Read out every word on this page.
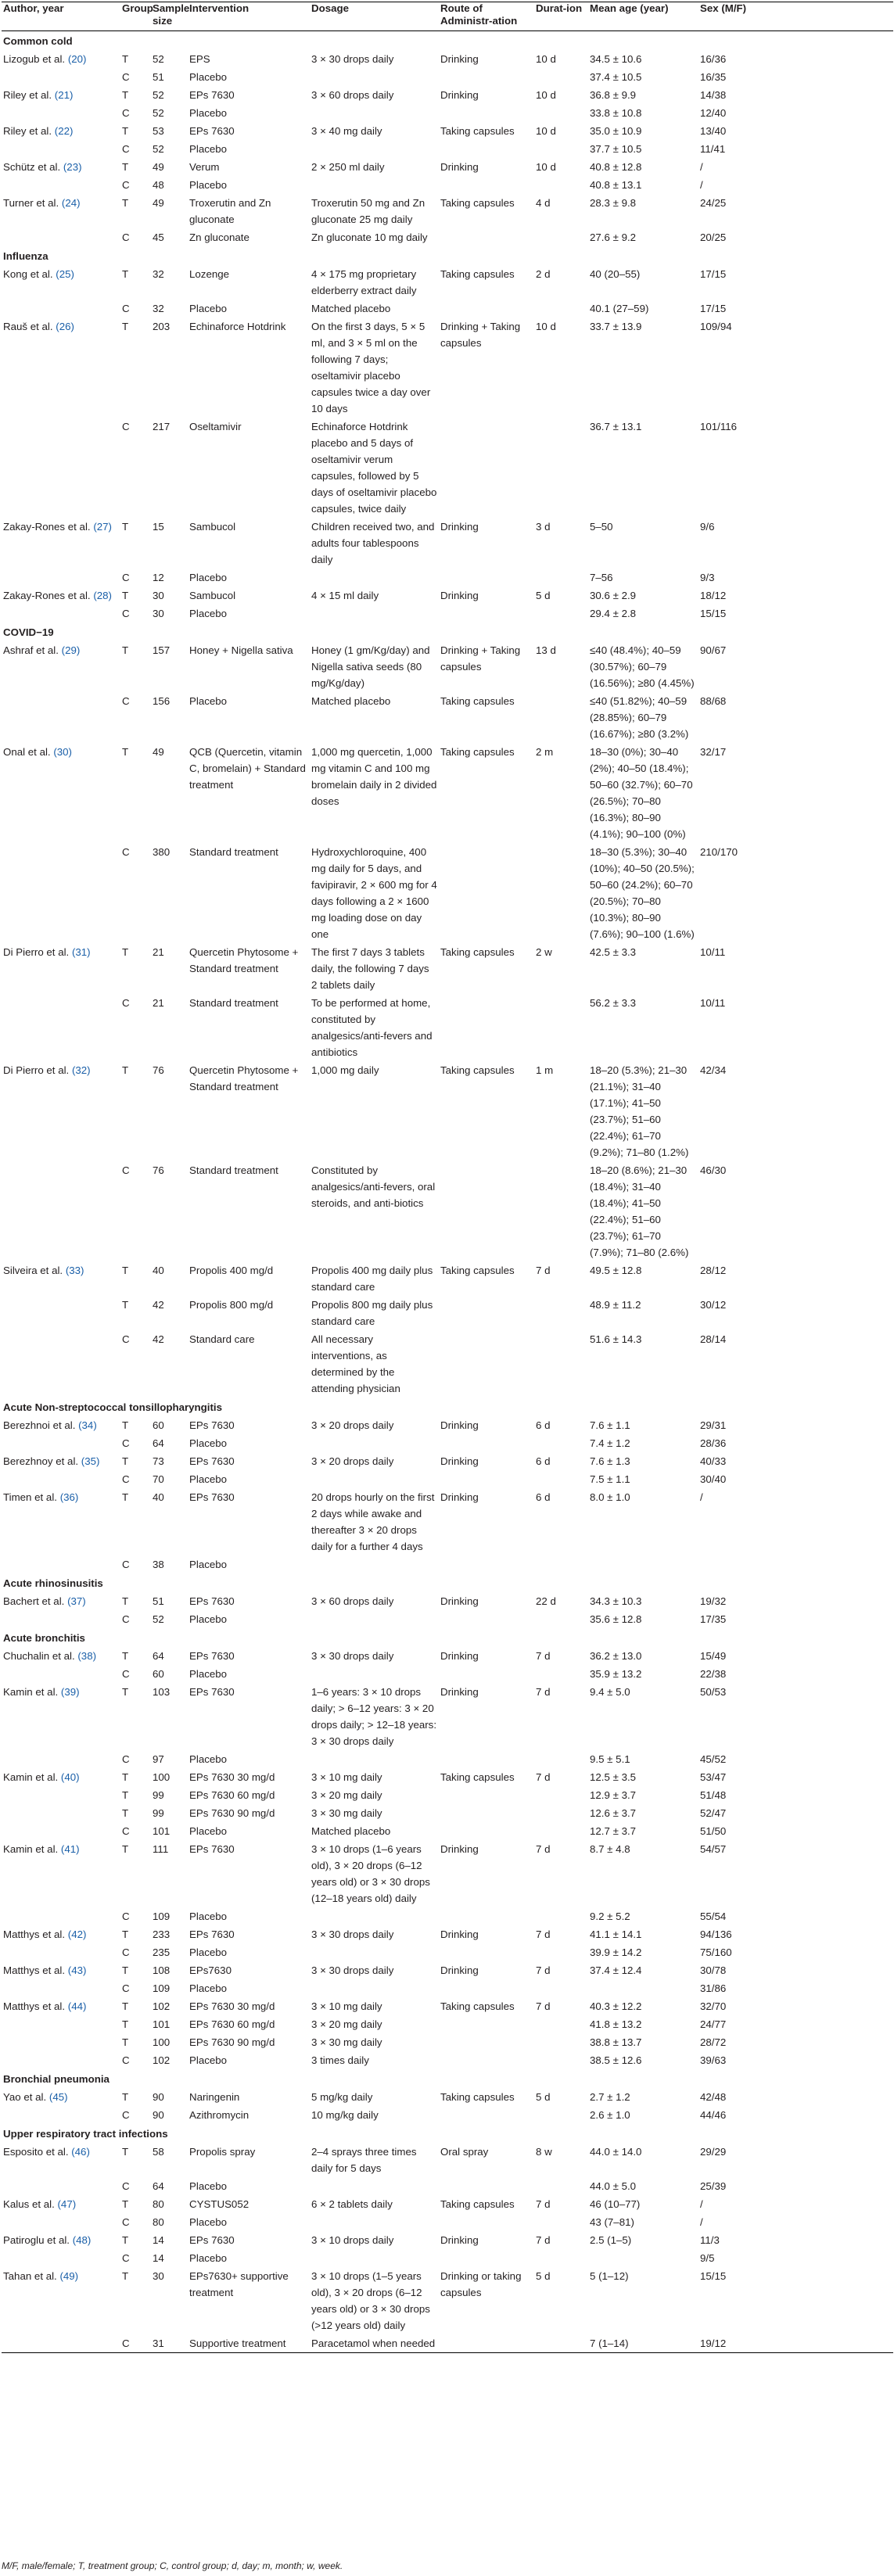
Author, year	Group	Sample size	Intervention	Dosage	Route of Administr-ation	Durat-ion	Mean age (year)	Sex (M/F)
Common cold								
Lizogub et al. (20)	T	52	EPS	3 × 30 drops daily	Drinking	10 d	34.5 ± 10.6	16/36
	C	51	Placebo				37.4 ± 10.5	16/35
Riley et al. (21)	T	52	EPs 7630	3 × 60 drops daily	Drinking	10 d	36.8 ± 9.9	14/38
	C	52	Placebo				33.8 ± 10.8	12/40
Riley et al. (22)	T	53	EPs 7630	3 × 40 mg daily	Taking capsules	10 d	35.0 ± 10.9	13/40
	C	52	Placebo				37.7 ± 10.5	11/41
Schütz et al. (23)	T	49	Verum	2 × 250 ml daily	Drinking	10 d	40.8 ± 12.8	/
	C	48	Placebo				40.8 ± 13.1	/
Turner et al. (24)	T	49	Troxerutin and Zn gluconate	Troxerutin 50 mg and Zn gluconate 25 mg daily	Taking capsules	4 d	28.3 ± 9.8	24/25
	C	45	Zn gluconate	Zn gluconate 10 mg daily			27.6 ± 9.2	20/25
Influenza								
Kong et al. (25)	T	32	Lozenge	4 × 175 mg proprietary elderberry extract daily	Taking capsules	2 d	40 (20–55)	17/15
	C	32	Placebo	Matched placebo			40.1 (27–59)	17/15
Rauš et al. (26)	T	203	Echinaforce Hotdrink	On the first 3 days, 5 × 5 ml, and 3 × 5 ml on the following 7 days; oseltamivir placebo capsules twice a day over 10 days	Drinking + Taking capsules	10 d	33.7 ± 13.9	109/94
	C	217	Oseltamivir	Echinaforce Hotdrink placebo and 5 days of oseltamivir verum capsules, followed by 5 days of oseltamivir placebo capsules, twice daily			36.7 ± 13.1	101/116
Zakay-Rones et al. (27)	T	15	Sambucol	Children received two, and adults four tablespoons daily	Drinking	3 d	5–50	9/6
	C	12	Placebo				7–56	9/3
Zakay-Rones et al. (28)	T	30	Sambucol	4 × 15 ml daily	Drinking	5 d	30.6 ± 2.9	18/12
	C	30	Placebo				29.4 ± 2.8	15/15
COVID−19								
Ashraf et al. (29)	T	157	Honey + Nigella sativa	Honey (1 gm/Kg/day) and Nigella sativa seeds (80 mg/Kg/day)	Drinking + Taking capsules	13 d	≤40 (48.4%); 40–59 (30.57%); 60–79 (16.56%); ≥80 (4.45%)	90/67
	C	156	Placebo	Matched placebo	Taking capsules		≤40 (51.82%); 40–59 (28.85%); 60–79 (16.67%); ≥80 (3.2%)	88/68
Onal et al. (30)	T	49	QCB (Quercetin, vitamin C, bromelain) + Standard treatment	1,000 mg quercetin, 1,000 mg vitamin C and 100 mg bromelain daily in 2 divided doses	Taking capsules	2 m	18–30 (0%); 30–40 (2%); 40–50 (18.4%); 50–60 (32.7%); 60–70 (26.5%); 70–80 (16.3%); 80–90 (4.1%); 90–100 (0%)	32/17
	C	380	Standard treatment	Hydroxychloroquine, 400 mg daily for 5 days, and favipiravir, 2 × 600 mg for 4 days following a 2 × 1600 mg loading dose on day one			18–30 (5.3%); 30–40 (10%); 40–50 (20.5%); 50–60 (24.2%); 60–70 (20.5%); 70–80 (10.3%); 80–90 (7.6%); 90–100 (1.6%)	210/170
Di Pierro et al. (31)	T	21	Quercetin Phytosome + Standard treatment	The first 7 days 3 tablets daily, the following 7 days 2 tablets daily	Taking capsules	2 w	42.5 ± 3.3	10/11
	C	21	Standard treatment	To be performed at home, constituted by analgesics/anti-fevers and antibiotics			56.2 ± 3.3	10/11
Di Pierro et al. (32)	T	76	Quercetin Phytosome + Standard treatment	1,000 mg daily	Taking capsules	1 m	18–20 (5.3%); 21–30 (21.1%); 31–40 (17.1%); 41–50 (23.7%); 51–60 (22.4%); 61–70 (9.2%); 71–80 (1.2%)	42/34
	C	76	Standard treatment	Constituted by analgesics/anti-fevers, oral steroids, and anti-biotics			18–20 (8.6%); 21–30 (18.4%); 31–40 (18.4%); 41–50 (22.4%); 51–60 (23.7%); 61–70 (7.9%); 71–80 (2.6%)	46/30
Silveira et al. (33)	T	40	Propolis 400 mg/d	Propolis 400 mg daily plus standard care	Taking capsules	7 d	49.5 ± 12.8	28/12
	T	42	Propolis 800 mg/d	Propolis 800 mg daily plus standard care			48.9 ± 11.2	30/12
	C	42	Standard care	All necessary interventions, as determined by the attending physician			51.6 ± 14.3	28/14
Acute Non-streptococcal tonsillopharyngitis								
Berezhnoi et al. (34)	T	60	EPs 7630	3 × 20 drops daily	Drinking	6 d	7.6 ± 1.1	29/31
	C	64	Placebo				7.4 ± 1.2	28/36
Berezhnoy et al. (35)	T	73	EPs 7630	3 × 20 drops daily	Drinking	6 d	7.6 ± 1.3	40/33
	C	70	Placebo				7.5 ± 1.1	30/40
Timen et al. (36)	T	40	EPs 7630	20 drops hourly on the first 2 days while awake and thereafter 3 × 20 drops daily for a further 4 days	Drinking	6 d	8.0 ± 1.0	/
	C	38	Placebo					
Acute rhinosinusitis								
Bachert et al. (37)	T	51	EPs 7630	3 × 60 drops daily	Drinking	22 d	34.3 ± 10.3	19/32
	C	52	Placebo				35.6 ± 12.8	17/35
Acute bronchitis								
Chuchalin et al. (38)	T	64	EPs 7630	3 × 30 drops daily	Drinking	7 d	36.2 ± 13.0	15/49
	C	60	Placebo				35.9 ± 13.2	22/38
Kamin et al. (39)	T	103	EPs 7630	1–6 years: 3 × 10 drops daily; > 6–12 years: 3 × 20 drops daily; > 12–18 years: 3 × 30 drops daily	Drinking	7 d	9.4 ± 5.0	50/53
	C	97	Placebo				9.5 ± 5.1	45/52
Kamin et al. (40)	T	100	EPs 7630 30 mg/d	3 × 10 mg daily	Taking capsules	7 d	12.5 ± 3.5	53/47
	T	99	EPs 7630 60 mg/d	3 × 20 mg daily			12.9 ± 3.7	51/48
	T	99	EPs 7630 90 mg/d	3 × 30 mg daily			12.6 ± 3.7	52/47
	C	101	Placebo	Matched placebo			12.7 ± 3.7	51/50
Kamin et al. (41)	T	111	EPs 7630	3 × 10 drops (1–6 years old), 3 × 20 drops (6–12 years old) or 3 × 30 drops (12–18 years old) daily	Drinking	7 d	8.7 ± 4.8	54/57
	C	109	Placebo				9.2 ± 5.2	55/54
Matthys et al. (42)	T	233	EPs 7630	3 × 30 drops daily	Drinking	7 d	41.1 ± 14.1	94/136
	C	235	Placebo				39.9 ± 14.2	75/160
Matthys et al. (43)	T	108	EPs7630	3 × 30 drops daily	Drinking	7 d	37.4 ± 12.4	30/78
	C	109	Placebo					31/86
Matthys et al. (44)	T	102	EPs 7630 30 mg/d	3 × 10 mg daily	Taking capsules	7 d	40.3 ± 12.2	32/70
	T	101	EPs 7630 60 mg/d	3 × 20 mg daily			41.8 ± 13.2	24/77
	T	100	EPs 7630 90 mg/d	3 × 30 mg daily			38.8 ± 13.7	28/72
	C	102	Placebo	3 times daily			38.5 ± 12.6	39/63
Bronchial pneumonia								
Yao et al. (45)	T	90	Naringenin	5 mg/kg daily	Taking capsules	5 d	2.7 ± 1.2	42/48
	C	90	Azithromycin	10 mg/kg daily			2.6 ± 1.0	44/46
Upper respiratory tract infections								
Esposito et al. (46)	T	58	Propolis spray	2–4 sprays three times daily for 5 days	Oral spray	8 w	44.0 ± 14.0	29/29
	C	64	Placebo				44.0 ± 5.0	25/39
Kalus et al. (47)	T	80	CYSTUS052	6 × 2 tablets daily	Taking capsules	7 d	46 (10–77)	/
	C	80	Placebo				43 (7–81)	/
Patiroglu et al. (48)	T	14	EPs 7630	3 × 10 drops daily	Drinking	7 d	2.5 (1–5)	11/3
	C	14	Placebo					9/5
Tahan et al. (49)	T	30	EPs7630+ supportive treatment	3 × 10 drops (1–5 years old), 3 × 20 drops (6–12 years old) or 3 × 30 drops (>12 years old) daily	Drinking or taking capsules	5 d	5 (1–12)	15/15
	C	31	Supportive treatment	Paracetamol when needed			7 (1–14)	19/12
M/F, male/female; T, treatment group; C, control group; d, day; m, month; w, week.
